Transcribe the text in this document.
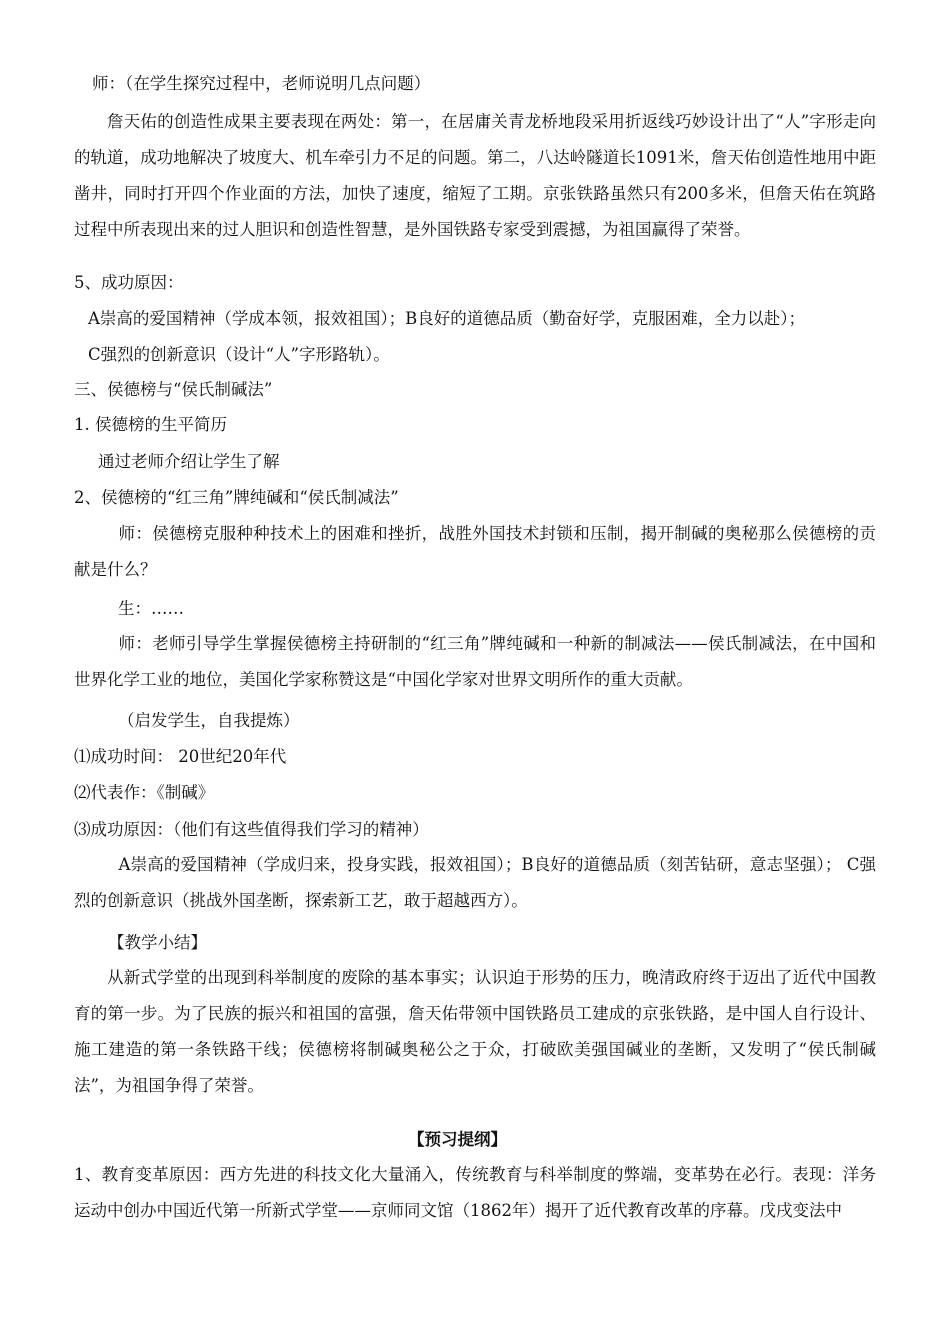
师：（在学生探究过程中，老师说明几点问题）
詹天佑的创造性成果主要表现在两处：第一，在居庸关青龙桥地段采用折返线巧妙设计出了“人”字形走向的轨道，成功地解决了坡度大、机车牵引力不足的问题。第二，八达岭隧道长1091米，詹天佑创造性地用中距凿井，同时打开四个作业面的方法，加快了速度，缩短了工期。京张铁路虽然只有200多米，但詹天佑在筑路过程中所表现出来的过人胆识和创造性智慧，是外国铁路专家受到震撼，为祖国赢得了荣誉。
5、成功原因：
A崇高的爱国精神（学成本领，报效祖国）；B良好的道德品质（勤奋好学，克服困难，全力以赴）；
C强烈的创新意识（设计“人”字形路轨）。
三、侯德榜与“侯氏制碱法”
1. 侯德榜的生平简历
通过老师介绍让学生了解
2、侯德榜的“红三角”牌纯碱和“侯氏制减法”
师：侯德榜克服种种技术上的困难和挫折，战胜外国技术封锁和压制，揭开制碱的奥秘那么侯德榜的贡献是什么？
生：……
师：老师引导学生掌握侯德榜主持研制的“红三角”牌纯碱和一种新的制减法——侯氏制减法，在中国和世界化学工业的地位，美国化学家称赞这是“中国化学家对世界文明所作的重大贡献。
（启发学生，自我提炼）
⑴成功时间： 20世纪20年代
⑵代表作：《制碱》
⑶成功原因：（他们有这些值得我们学习的精神）
A崇高的爱国精神（学成归来，投身实践，报效祖国）；B良好的道德品质（刻苦钻研，意志坚强）； C强烈的创新意识（挑战外国垄断，探索新工艺，敢于超越西方）。
【教学小结】
从新式学堂的出现到科举制度的废除的基本事实；认识迫于形势的压力，晚清政府终于迈出了近代中国教育的第一步。为了民族的振兴和祖国的富强，詹天佑带领中国铁路员工建成的京张铁路，是中国人自行设计、施工建造的第一条铁路干线；侯德榜将制碱奥秘公之于众，打破欧美强国碱业的垄断，又发明了“侯氏制碱法”，为祖国争得了荣誉。
【预习提纲】
1、教育变革原因：西方先进的科技文化大量涌入，传统教育与科举制度的弊端，变革势在必行。表现：洋务运动中创办中国近代第一所新式学堂——京师同文馆（1862年）揭开了近代教育改革的序幕。戊戌变法中
